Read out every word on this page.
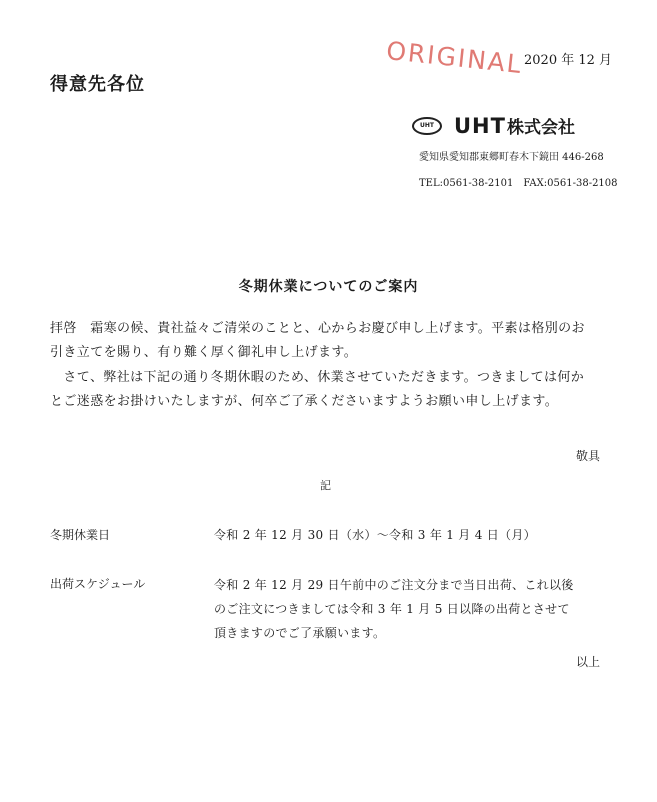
ORIGINAL 2020 年 12 月
得意先各位
UHT UHT 株式会社
愛知県愛知郡東郷町春木下鏡田 446-268
TEL:0561-38-2101　FAX:0561-38-2108
冬期休業についてのご案内
拝啓　霜寒の候、貴社益々ご清栄のことと、心からお慶び申し上げます。平素は格別のお
引き立てを賜り、有り難く厚く御礼申し上げます。
　さて、弊社は下記の通り冬期休暇のため、休業させていただきます。つきましては何か
とご迷惑をお掛けいたしますが、何卒ご了承くださいますようお願い申し上げます。
敬具
記
冬期休業日	令和 2 年 12 月 30 日（水）〜令和 3 年 1 月 4 日（月）
出荷スケジュール	令和 2 年 12 月 29 日午前中のご注文分まで当日出荷、これ以後
のご注文につきましては令和 3 年 1 月 5 日以降の出荷とさせて
頂きますのでご了承願います。
以上
